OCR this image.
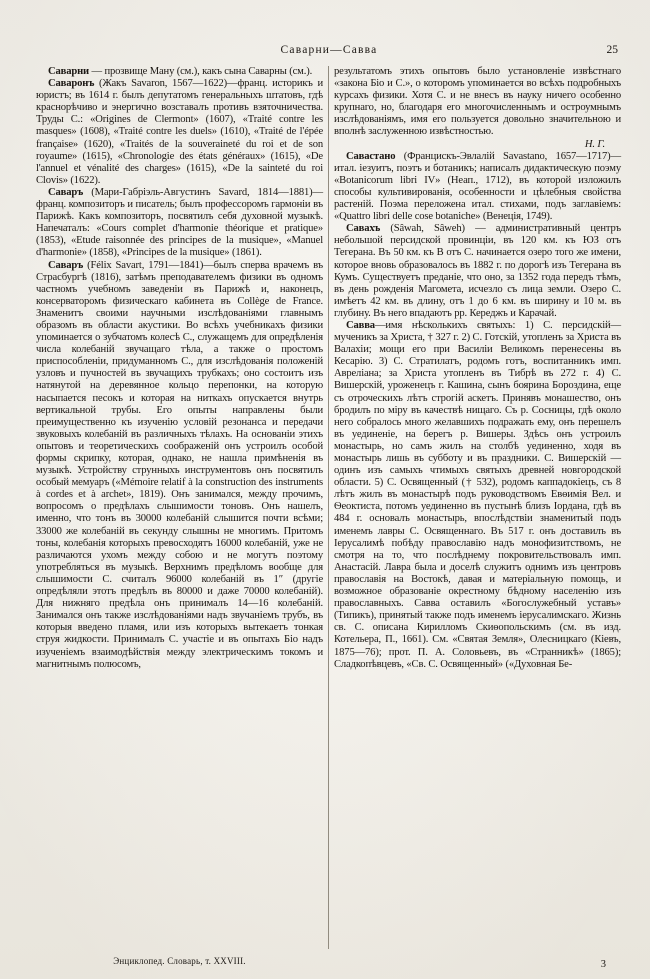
Саварни—Савва	25

Саварни — прозвище Ману (см.), какъ сына Саварны (см.).

Саваронъ (Жакъ Savaron, 1567—1622)—франц. историкъ и юристъ; въ 1614 г. былъ депутатомъ генеральныхъ штатовъ, гдѣ краснорѣчиво и энергично возставалъ противъ взяточничества. Труды С.: «Origines de Clermont» (1607), «Traité contre les masques» (1608), «Traité contre les duels» (1610), «Traité de l'épée française» (1620), «Traités de la souveraineté du roi et de son royaume» (1615), «Chronologie des états généraux» (1615), «De l'annuel et vénalité des charges» (1615), «De la sainteté du roi Clovis» (1622).

Саваръ (Мари-Габріэль-Августинъ Savard, 1814—1881)—франц. композиторъ и писатель; былъ профессоромъ гармоніи въ Парижѣ. Какъ композиторъ, посвятилъ себя духовной музыкѣ. Напечаталъ: «Cours complet d'harmonie théorique et pratique» (1853), «Etude raisonnée des principes de la musique», «Manuel d'harmonie» (1858), «Principes de la musique» (1861).

Саваръ (Félix Savart, 1791—1841)—былъ сперва врачемъ въ Страсбургѣ (1816), затѣмъ преподавателемъ физики въ одномъ частномъ учебномъ заведеніи въ Парижѣ и, наконецъ, консерваторомъ физическаго кабинета въ Collège de France. Знаменитъ своими научными изслѣдованіями главнымъ образомъ въ области акустики. Во всѣхъ учебникахъ физики упоминается о зубчатомъ колесѣ С., служащемъ для опредѣленія числа колебаній звучащаго тѣла, а также о простомъ приспособленіи, придуманномъ С., для изслѣдованія положеній узловъ и пучностей въ звучащихъ трубкахъ; оно состоитъ изъ натянутой на деревянное кольцо перепонки, на которую насыпается песокъ и которая на ниткахъ опускается внутрь вертикальной трубы. Его опыты направлены были преимущественно къ изученію условій резонанса и передачи звуковыхъ колебаній въ различныхъ тѣлахъ. На основаніи этихъ опытовъ и теоретическихъ соображеній онъ устроилъ особой формы скрипку, которая, однако, не нашла примѣненія въ музыкѣ. Устройству струнныхъ инструментовъ онъ посвятилъ особый мемуаръ («Mémoire relatif à la construction des instruments à cordes et à archet», 1819). Онъ занимался, между прочимъ, вопросомъ о предѣлахъ слышимости тоновъ. Онъ нашелъ, именно, что тонъ въ 30000 колебаній слышится почти всѣми; 33000 же колебаній въ секунду слышны не многимъ. Притомъ тоны, колебанія которыхъ превосходятъ 16000 колебаній, уже не различаются ухомъ между собою и не могутъ поэтому употребляться въ музыкѣ. Верхнимъ предѣломъ вообще для слышимости С. считалъ 96000 колебаній въ 1″ (другіе опредѣляли этотъ предѣлъ въ 80000 и даже 70000 колебаній). Для нижняго предѣла онъ принималъ 14—16 колебаній. Занимался онъ также изслѣдованіями надъ звучаніемъ трубъ, въ которыя введено пламя, или изъ которыхъ вытекаетъ тонкая струя жидкости. Принималъ С. участіе и въ опытахъ Біо надъ изученіемъ взаимодѣйствія между электрическимъ токомъ и магнитнымъ полюсомъ,

результатомъ этихъ опытовъ было установленіе извѣстнаго «закона Біо и С.», о которомъ упоминается во всѣхъ подробныхъ курсахъ физики. Хотя С. и не внесъ въ науку ничего особенно крупнаго, но, благодаря его многочисленнымъ и остроумнымъ изслѣдованіямъ, имя его пользуется довольно значительною и вполнѣ заслуженною извѣстностью.

Н. Г.

Савастано (Францискъ-Эвлалій Savastano, 1657—1717)—итал. іезуитъ, поэтъ и ботаникъ; написалъ дидактическую поэму «Botanicorum libri IV» (Неап., 1712), въ которой изложилъ способы культивированія, особенности и цѣлебныя свойства растеній. Поэма переложена итал. стихами, подъ заглавіемъ: «Quattro libri delle cose botaniche» (Венеція, 1749).

Савахъ (Sâwah, Sâweh) — административный центръ небольшой персидской провинціи, въ 120 км. къ ЮЗ отъ Тегерана. Въ 50 км. къ В отъ С. начинается озеро того же имени, которое вновь образовалось въ 1882 г. по дорогѣ изъ Тегерана въ Кумъ. Существуетъ преданіе, что оно, за 1352 года передъ тѣмъ, въ день рожденія Магомета, исчезло съ лица земли. Озеро С. имѣетъ 42 км. въ длину, отъ 1 до 6 км. въ ширину и 10 м. въ глубину. Въ него впадаютъ рр. Кереджъ и Карачай.

Савва—имя нѣсколькихъ святыхъ: 1) С. персидскій—мученикъ за Христа, † 327 г. 2) С. Готскій, утопленъ за Христа въ Валахіи; мощи его при Василіи Великомъ перенесены въ Кесарію. 3) С. Стратилатъ, родомъ готъ, воспитанникъ имп. Авреліана; за Христа утопленъ въ Тибрѣ въ 272 г. 4) С. Вишерскій, уроженецъ г. Кашина, сынъ боярина Бороздина, еще съ отроческихъ лѣтъ строгій аскетъ. Принявъ монашество, онъ бродилъ по міру въ качествѣ нищаго. Съ р. Сосницы, гдѣ около него собралось много желавшихъ подражать ему, онъ перешелъ въ уединеніе, на берегъ р. Вишеры. Здѣсь онъ устроилъ монастырь, но самъ жилъ на столбѣ уединенно, ходя въ монастырь лишь въ субботу и въ праздники. С. Вишерскій — одинъ изъ самыхъ чтимыхъ святыхъ древней новгородской области. 5) С. Освященный († 532), родомъ каппадокіецъ, съ 8 лѣтъ жилъ въ монастырѣ подъ руководствомъ Евѳимія Вел. и Ѳеоктиста, потомъ уединенно въ пустынѣ близъ Іордана, гдѣ въ 484 г. основалъ монастырь, впослѣдствіи знаменитый подъ именемъ лавры С. Освященнаго. Въ 517 г. онъ доставилъ въ Іерусалимѣ побѣду православію надъ монофизитствомъ, не смотря на то, что послѣднему покровительствовалъ имп. Анастасій. Лавра была и доселѣ служитъ однимъ изъ центровъ православія на Востокѣ, давая и матеріальную помощь, и возможное образованіе окрестному бѣдному населенію изъ православныхъ. Савва оставилъ «Богослужебный уставъ» (Типикъ), принятый также подъ именемъ іерусалимскаго. Жизнь св. С. описана Кирилломъ Скиѳопольскимъ (см. въ изд. Котельера, П., 1661). См. «Святая Земля», Олесницкаго (Кіевъ, 1875—76); прот. П. А. Соловьевъ, въ «Странникѣ» (1865); Сладкопѣвцевъ, «Св. С. Освященный» («Духовная Бе-

Энциклопед. Словарь, т. XXVIII.	3
